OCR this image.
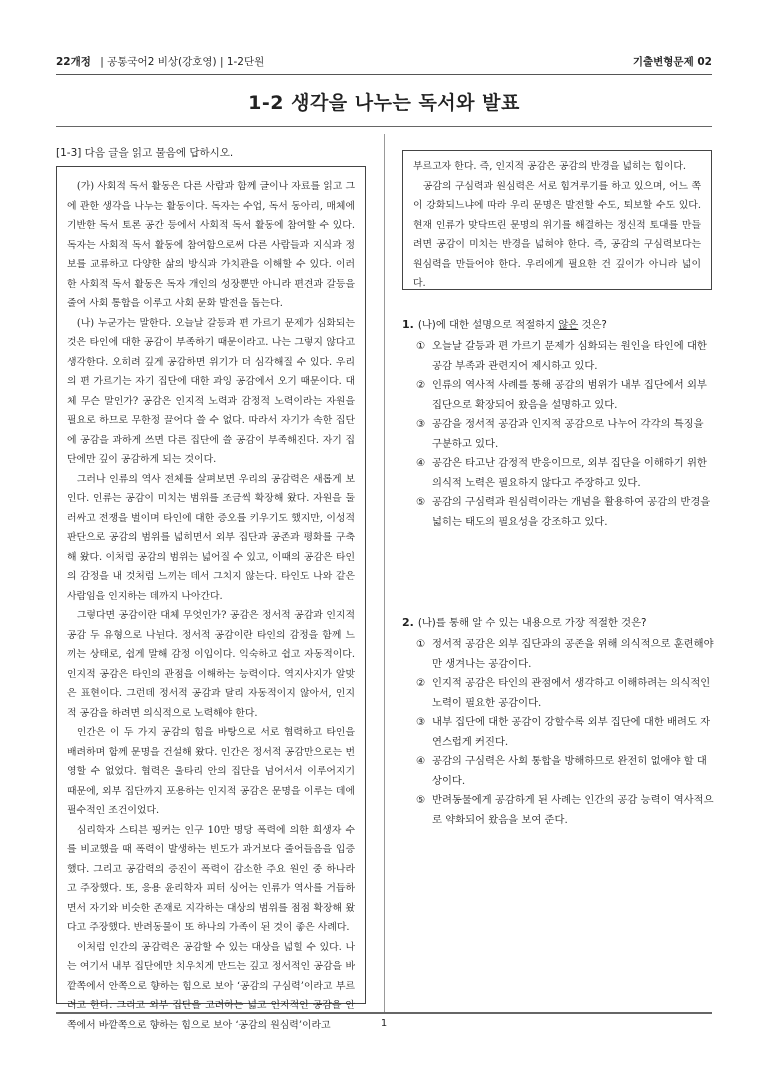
22개정 | 공통국어2 비상(강호영) | 1-2단원	기출변형문제 02
1-2 생각을 나누는 독서와 발표
[1-3] 다음 글을 읽고 물음에 답하시오.

(가) 사회적 독서 활동은 다른 사람과 함께 글이나 자료를 읽고 그에 관한 생각을 나누는 활동이다. 독자는 수업, 독서 동아리, 매체에 기반한 독서 토론 공간 등에서 사회적 독서 활동에 참여할 수 있다. 독자는 사회적 독서 활동에 참여함으로써 다른 사람들과 지식과 정보를 교류하고 다양한 삶의 방식과 가치관을 이해할 수 있다. 이러한 사회적 독서 활동은 독자 개인의 성장뿐만 아니라 편견과 갈등을 줄여 사회 통합을 이루고 사회 문화 발전을 돕는다.

(나) 누군가는 말한다. 오늘날 갈등과 편 가르기 문제가 심화되는 것은 타인에 대한 공감이 부족하기 때문이라고. 나는 그렇지 않다고 생각한다. 오히려 깊게 공감하면 위기가 더 심각해질 수 있다. 우리의 편 가르기는 자기 집단에 대한 과잉 공감에서 오기 때문이다. 대체 무슨 말인가? 공감은 인지적 노력과 감정적 노력이라는 자원을 필요로 하므로 무한정 끌어다 쓸 수 없다. 따라서 자기가 속한 집단에 공감을 과하게 쓰면 다른 집단에 쓸 공감이 부족해진다. 자기 집단에만 깊이 공감하게 되는 것이다.

그러나 인류의 역사 전체를 살펴보면 우리의 공감력은 새롭게 보인다. 인류는 공감이 미치는 범위를 조금씩 확장해 왔다. 자원을 둘러싸고 전쟁을 벌이며 타인에 대한 증오를 키우기도 했지만, 이성적 판단으로 공감의 범위를 넓히면서 외부 집단과 공존과 평화를 구축해 왔다. 이처럼 공감의 범위는 넓어질 수 있고, 이때의 공감은 타인의 감정을 내 것처럼 느끼는 데서 그치지 않는다. 타인도 나와 같은 사람임을 인지하는 데까지 나아간다.

그렇다면 공감이란 대체 무엇인가? 공감은 정서적 공감과 인지적 공감 두 유형으로 나뉜다. 정서적 공감이란 타인의 감정을 함께 느끼는 상태로, 쉽게 말해 감정 이입이다. 익숙하고 쉽고 자동적이다. 인지적 공감은 타인의 관점을 이해하는 능력이다. 역지사지가 알맞은 표현이다. 그런데 정서적 공감과 달리 자동적이지 않아서, 인지적 공감을 하려면 의식적으로 노력해야 한다.

인간은 이 두 가지 공감의 힘을 바탕으로 서로 협력하고 타인을 배려하며 함께 문명을 건설해 왔다. 인간은 정서적 공감만으로는 번영할 수 없었다. 협력은 울타리 안의 집단을 넘어서서 이루어지기 때문에, 외부 집단까지 포용하는 인지적 공감은 문명을 이루는 데에 필수적인 조건이었다.

심리학자 스티븐 핑커는 인구 10만 명당 폭력에 의한 희생자 수를 비교했을 때 폭력이 발생하는 빈도가 과거보다 줄어들음을 입증했다. 그리고 공감력의 증진이 폭력이 감소한 주요 원인 중 하나라고 주장했다. 또, 응용 윤리학자 피터 싱어는 인류가 역사를 거듭하면서 자기와 비슷한 존재로 지각하는 대상의 범위를 점점 확장해 왔다고 주장했다. 반려동물이 또 하나의 가족이 된 것이 좋은 사례다.

이처럼 인간의 공감력은 공감할 수 있는 대상을 넓힐 수 있다. 나는 여기서 내부 집단에만 치우치게 만드는 깊고 정서적인 공감을 바깥쪽에서 안쪽으로 향하는 힘으로 보아 ‘공감의 구심력’이라고 부르려고 한다. 그리고 외부 집단을 고려하는 넓고 인지적인 공감을 안쪽에서 바깥쪽으로 향하는 힘으로 보아 ‘공감의 원심력’이라고

부르고자 한다. 즉, 인지적 공감은 공감의 반경을 넓히는 힘이다.

공감의 구심력과 원심력은 서로 힘겨루기를 하고 있으며, 어느 쪽이 강화되느냐에 따라 우리 문명은 발전할 수도, 퇴보할 수도 있다. 현재 인류가 맞닥뜨린 문명의 위기를 해결하는 정신적 토대를 만들려면 공감이 미치는 반경을 넓혀야 한다. 즉, 공감의 구심력보다는 원심력을 만들어야 한다. 우리에게 필요한 건 깊이가 아니라 넓이다.

1. (나)에 대한 설명으로 적절하지 않은 것은?
① 오늘날 갈등과 편 가르기 문제가 심화되는 원인을 타인에 대한 공감 부족과 관련지어 제시하고 있다.
② 인류의 역사적 사례를 통해 공감의 범위가 내부 집단에서 외부 집단으로 확장되어 왔음을 설명하고 있다.
③ 공감을 정서적 공감과 인지적 공감으로 나누어 각각의 특징을 구분하고 있다.
④ 공감은 타고난 감정적 반응이므로, 외부 집단을 이해하기 위한 의식적 노력은 필요하지 않다고 주장하고 있다.
⑤ 공감의 구심력과 원심력이라는 개념을 활용하여 공감의 반경을 넓히는 태도의 필요성을 강조하고 있다.
2. (나)를 통해 알 수 있는 내용으로 가장 적절한 것은?
① 정서적 공감은 외부 집단과의 공존을 위해 의식적으로 훈련해야만 생겨나는 공감이다.
② 인지적 공감은 타인의 관점에서 생각하고 이해하려는 의식적인 노력이 필요한 공감이다.
③ 내부 집단에 대한 공감이 강할수록 외부 집단에 대한 배려도 자연스럽게 커진다.
④ 공감의 구심력은 사회 통합을 방해하므로 완전히 없애야 할 대상이다.
⑤ 반려동물에게 공감하게 된 사례는 인간의 공감 능력이 역사적으로 약화되어 왔음을 보여 준다.
1
